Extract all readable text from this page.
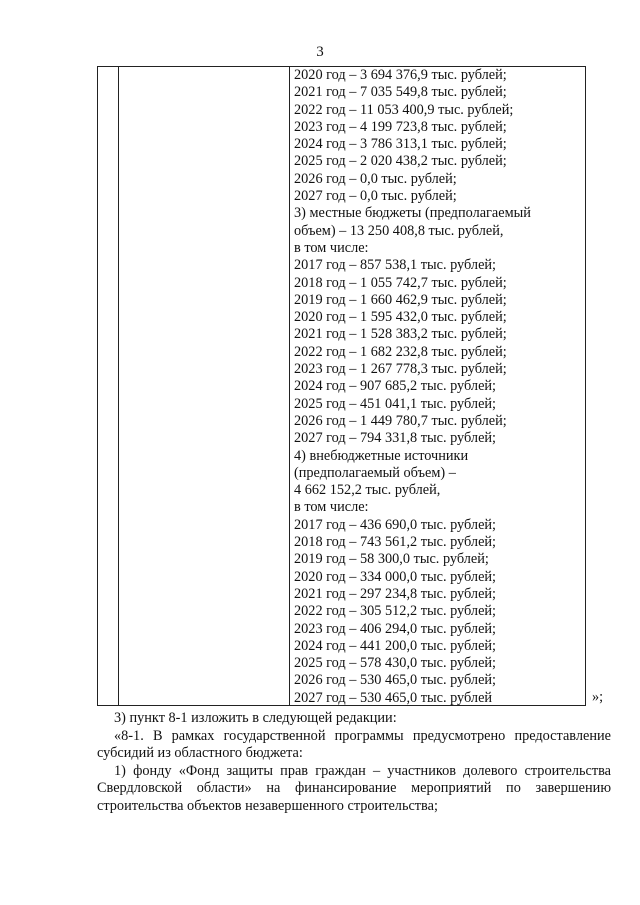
3
2020 год – 3 694 376,9 тыс. рублей;
2021 год – 7 035 549,8 тыс. рублей;
2022 год – 11 053 400,9 тыс. рублей;
2023 год – 4 199 723,8 тыс. рублей;
2024 год – 3 786 313,1 тыс. рублей;
2025 год – 2 020 438,2 тыс. рублей;
2026 год – 0,0 тыс. рублей;
2027 год – 0,0 тыс. рублей;
3) местные бюджеты (предполагаемый
объем) – 13 250 408,8 тыс. рублей,
в том числе:
2017 год – 857 538,1 тыс. рублей;
2018 год – 1 055 742,7 тыс. рублей;
2019 год – 1 660 462,9 тыс. рублей;
2020 год – 1 595 432,0 тыс. рублей;
2021 год – 1 528 383,2 тыс. рублей;
2022 год – 1 682 232,8 тыс. рублей;
2023 год – 1 267 778,3 тыс. рублей;
2024 год – 907 685,2 тыс. рублей;
2025 год – 451 041,1 тыс. рублей;
2026 год – 1 449 780,7 тыс. рублей;
2027 год – 794 331,8 тыс. рублей;
4) внебюджетные источники
(предполагаемый объем) –
4 662 152,2 тыс. рублей,
в том числе:
2017 год – 436 690,0 тыс. рублей;
2018 год – 743 561,2 тыс. рублей;
2019 год – 58 300,0 тыс. рублей;
2020 год – 334 000,0 тыс. рублей;
2021 год – 297 234,8 тыс. рублей;
2022 год – 305 512,2 тыс. рублей;
2023 год – 406 294,0 тыс. рублей;
2024 год – 441 200,0 тыс. рублей;
2025 год – 578 430,0 тыс. рублей;
2026 год – 530 465,0 тыс. рублей;
2027 год – 530 465,0 тыс. рублей	»;

3) пункт 8-1 изложить в следующей редакции:

«8-1. В рамках государственной программы предусмотрено предоставление субсидий из областного бюджета:

1) фонду «Фонд защиты прав граждан – участников долевого строительства Свердловской области» на финансирование мероприятий по завершению строительства объектов незавершенного строительства;
